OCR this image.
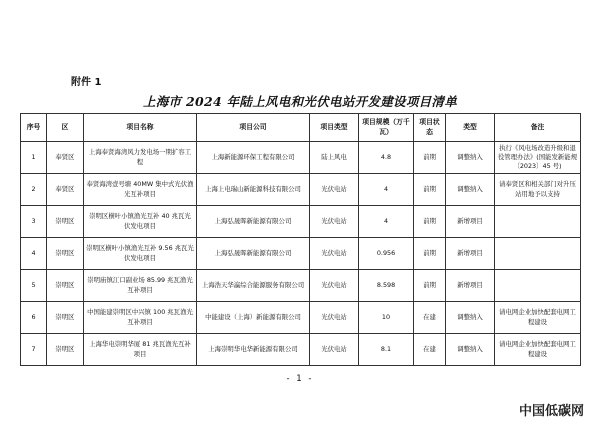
附件 1
上海市 2024 年陆上风电和光伏电站开发建设项目清单
序号	区	项目名称	项目公司	项目类型	项目规模（万千瓦）	项目状态	类型	备注
1	奉贤区	上海奉贤海湾风力发电场一期扩容工程	上海新能源环保工程有限公司	陆上风电	4.8	前期	调整纳入	执行《风电场改造升级和退役管理办法》(国能发新能规〔2023〕45 号)
2	奉贤区	奉贤海湾壹号塘 40MW 集中式光伏渔光互补项目	上海上电瑞山新能源科技有限公司	光伏电站	4	前期	调整纳入	请奉贤区和相关部门对升压站用地予以支持
3	崇明区	崇明区横叶小镇渔光互补 40 兆瓦光伏发电项目	上海弘晟晖新能源有限公司	光伏电站	4	前期	新增项目	
4	崇明区	崇明区横叶小镇渔光互补 9.56 兆瓦光伏发电项目	上海弘晟晖新能源有限公司	光伏电站	0.956	前期	新增项目	
5	崇明区	崇明庙镇江口副业场 85.99 兆瓦渔光互补项目	上海浩天华瀛综合能源服务有限公司	光伏电站	8.598	前期	新增项目	
6	崇明区	中国能建崇明区中兴镇 100 兆瓦渔光互补项目	中能建设（上海）新能源有限公司	光伏电站	10	在建	调整纳入	请电网企业加快配套电网工程建设
7	崇明区	上海华电崇明华厦 81 兆瓦渔光互补项目	上海崇明华电华新能源有限公司	光伏电站	8.1	在建	调整纳入	请电网企业加快配套电网工程建设
- 1 -
中国低碳网
